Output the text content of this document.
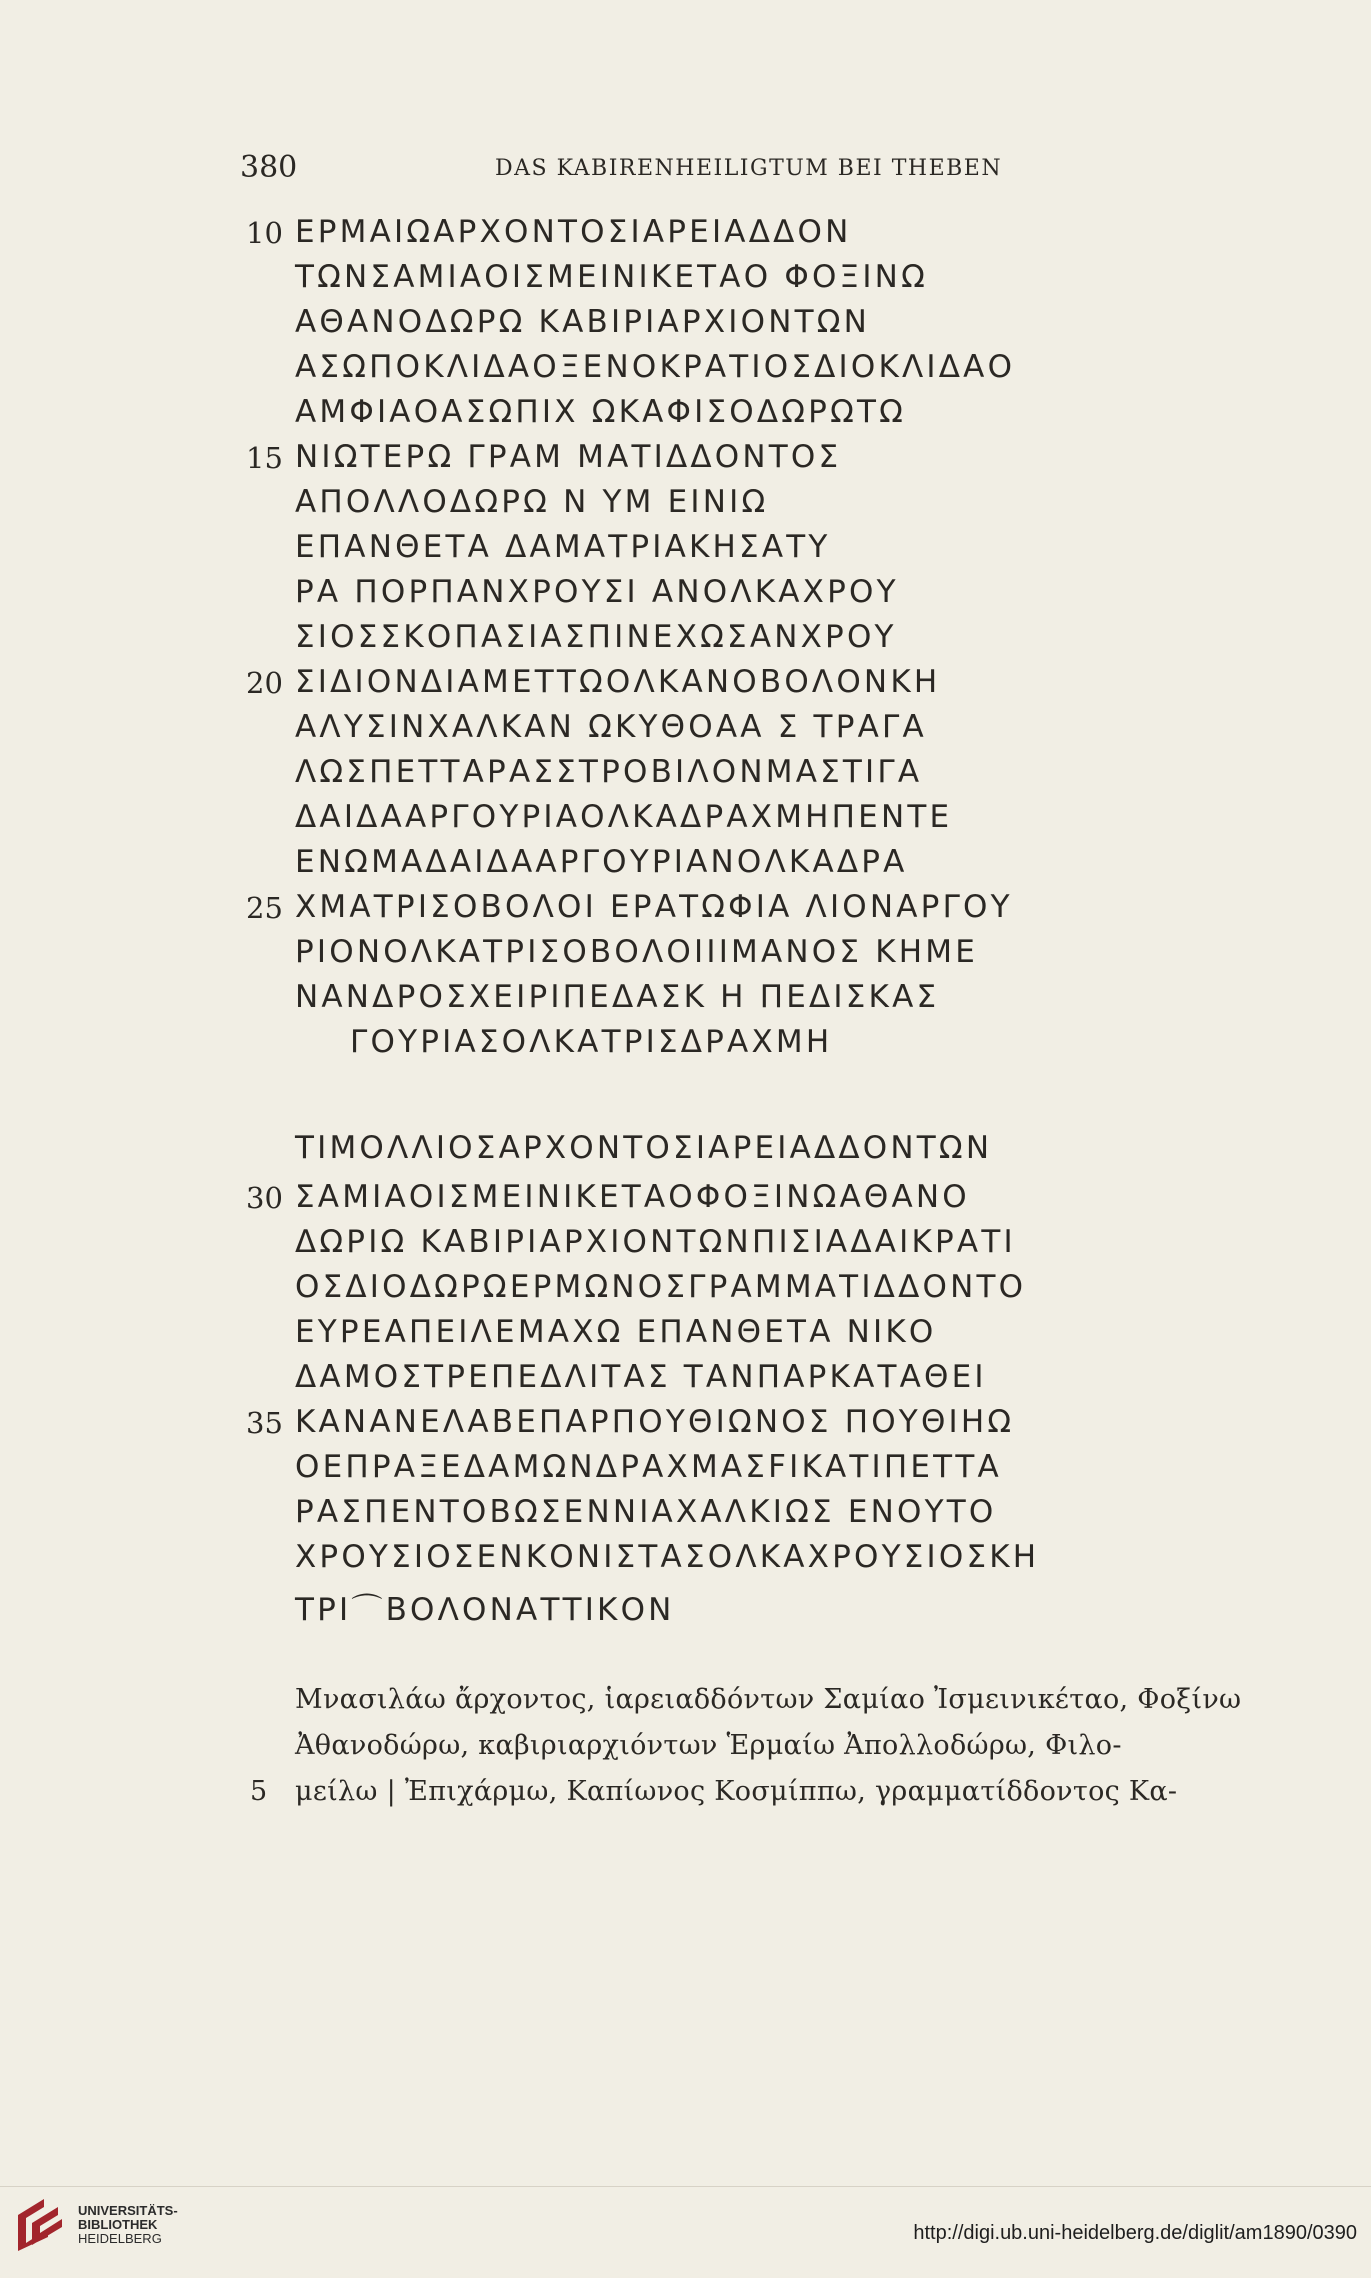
380	DAS KABIRENHEILIGTUM BEI THEBEN
10 ΕΡΜΑΙΩΑΡΧΟΝΤΟΣΙΑΡΕΙΑΔΔΟΝ
ΤΩΝΣΑΜΙΑΟΙΣΜΕΙΝΙΚΕΤΑΟ ΦΟΞΙΝΩ
ΑΘΑΝΟΔΩΡΩ ΚΑΒΙΡΙΑΡΧΙΟΝΤΩΝ
ΑΣΩΠΟΚΛΙΔΑΟΞΕΝΟΚΡΑΤΙΟΣΔΙΟΚΛΙΔΑΟ
ΑΜΦΙΑΟΑΣΩΠΙΧ ΩΚΑΦΙΣΟΔΩΡΩΤΩ
15 ΝΙΩΤΕΡΩ ΓΡΑΜ ΜΑΤΙΔΔΟΝΤΟΣ
ΑΠΟΛΛΟΔΩΡΩ Ν ΥΜ ΕΙΝΙΩ
ΕΠΑΝΘΕΤΑ ΔΑΜΑΤΡΙΑΚΗΣΑΤΥ
ΡΑ ΠΟΡΠΑΝΧΡΟΥΣΙ ΑΝΟΛΚΑΧΡΟΥ
ΣΙΟΣΣΚΟΠΑΣΙΑΣΠΙΝΕΧΩΣΑΝΧΡΟΥ
20 ΣΙΔΙΟΝΔΙΑΜΕΤΤΩΟΛΚΑΝΟΒΟΛΟΝΚΗ
ΑΛΥΣΙΝΧΑΛΚΑΝ ΩΚΥΘΟΑΑ Σ ΤΡΑΓΑ
ΛΩΣΠΕΤΤΑΡΑΣΣΤΡΟΒΙΛΟΝΜΑΣΤΙΓΑ
ΔΑΙΔΑΑΡΓΟΥΡΙΑΟΛΚΑΔΡΑΧΜΗΠΕΝΤΕ
ΕΝΩΜΑΔΑΙΔΑΑΡΓΟΥΡΙΑΝΟΛΚΑΔΡΑ
25 ΧΜΑΤΡΙΣΟΒΟΛΟΙ ΕΡΑΤΩΦΙΑ ΛΙΟΝΑΡΓΟΥ
ΡΙΟΝΟΛΚΑΤΡΙΣΟΒΟΛΟΙΙΙΜΑΝΟΣ ΚΗΜΕ
ΝΑΝΔΡΟΣΧΕΙΡΙΠΕΔΑΣΚ Η ΠΕΔΙΣΚΑΣ
ΓΟΥΡΙΑΣΟΛΚΑΤΡΙΣΔΡΑΧΜΗ
ΤΙΜΟΛΛΙΟΣΑΡΧΟΝΤΟΣΙΑΡΕΙΑΔΔΟΝΤΩΝ
30 ΣΑΜΙΑΟΙΣΜΕΙΝΙΚΕΤΑΟΦΟΞΙΝΩΑΘΑΝΟ
ΔΩΡΙΩ ΚΑΒΙΡΙΑΡΧΙΟΝΤΩΝΠΙΣΙΑΔΑΙΚΡΑΤΙ
ΟΣΔΙΟΔΩΡΩΕΡΜΩΝΟΣΓΡΑΜΜΑΤΙΔΔΟΝΤΟ
ΕΥΡΕΑΠΕΙΛΕΜΑΧΩ ΕΠΑΝΘΕΤΑ ΝΙΚΟ
ΔΑΜΟΣΤΡΕΠΕΔΛΙΤΑΣ ΤΑΝΠΑΡΚΑΤΑΘΕΙ
35 ΚΑΝΑΝΕΛΑΒΕΠΑΡΠΟΥΘΙΩΝΟΣ ΠΟΥΘΙΗΩ
ΟΕΠΡΑΞΕΔΑΜΩΝΔΡΑΧΜΑΣFΙΚΑΤΙΠΕΤΤΑ
ΡΑΣΠΕΝΤΟΒΩΣΕΝΝΙΑΧΑΛΚΙΩΣ ΕΝΟΥΤΟ
ΧΡΟΥΣΙΟΣΕΝΚΟΝΙΣΤΑΣΟΛΚΑΧΡΟΥΣΙΟΣΚΗ
ΤΡΙ⌒ΒΟΛΟΝΑΤΤΙΚΟΝ
Μνασιλάω ἄρχοντος, ἱαρειαδδόντων Σαμίαο Ἰσμεινικέταο, Φοξίνω
Ἀθανοδώρω, καβιριαρχιόντων Ἑρμαίω Ἀπολλοδώρω, Φιλο-
5 μείλω | Ἐπιχάρμω, Καπίωνος Κοσμίππω, γραμματίδδοντος Κα-
UNIVERSITÄTS-
BIBLIOTHEK
HEIDELBERG	http://digi.ub.uni-heidelberg.de/diglit/am1890/0390
